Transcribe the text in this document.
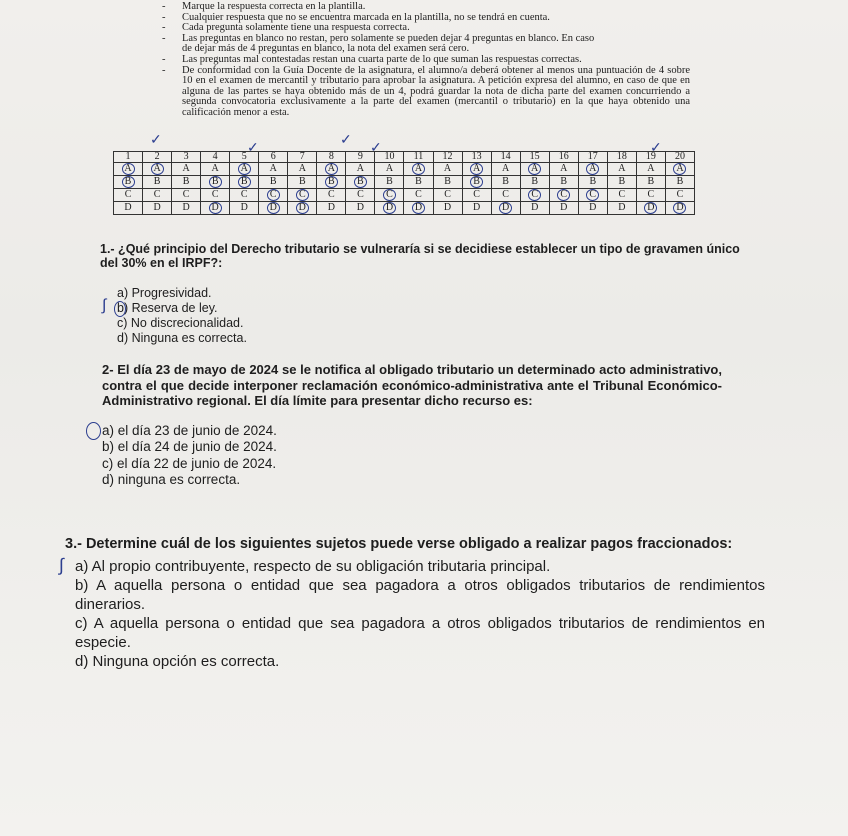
- Marque la respuesta correcta en la plantilla.
- Cualquier respuesta que no se encuentra marcada en la plantilla, no se tendrá en cuenta.
- Cada pregunta solamente tiene una respuesta correcta.
- Las preguntas en blanco no restan, pero solamente se pueden dejar 4 preguntas en blanco. En caso
de dejar más de 4 preguntas en blanco, la nota del examen será cero.
- Las preguntas mal contestadas restan una cuarta parte de lo que suman las respuestas correctas.
- De conformidad con la Guía Docente de la asignatura, el alumno/a deberá obtener al menos una puntuación de 4 sobre 10 en el examen de mercantil y tributario para aprobar la asignatura. A petición expresa del alumno, en caso de que en alguna de las partes se haya obtenido más de un 4, podrá guardar la nota de dicha parte del examen concurriendo a segunda convocatoria exclusivamente a la parte del examen (mercantil o tributario) en la que haya obtenido una calificación menor a esta.
✓	✓	✓ ✓	✓
1	2	3	4	5	6	7	8	9	10	11	12	13	14	15	16	17	18	19	20
A	A	A	A	A	A	A	A	A	A	A	A	A	A	A	A	A	A	A	A
B	B	B	B	B	B	B	B	B	B	B	B	B	B	B	B	B	B	B	B
C	C	C	C	C	C	C	C	C	C	C	C	C	C	C	C	C	C	C	C
D	D	D	D	D	D	D	D	D	D	D	D	D	D	D	D	D	D	D	D
1.- ¿Qué principio del Derecho tributario se vulneraría si se decidiese establecer un tipo de gravamen único del 30% en el IRPF?:
a) Progresividad.
∫ b) Reserva de ley.
c) No discrecionalidad.
d) Ninguna es correcta.
2- El día 23 de mayo de 2024 se le notifica al obligado tributario un determinado acto administrativo, contra el que decide interponer reclamación económico-administrativa ante el Tribunal Económico-Administrativo regional. El día límite para presentar dicho recurso es:
a) el día 23 de junio de 2024.
b) el día 24 de junio de 2024.
c) el día 22 de junio de 2024.
d) ninguna es correcta.
3.- Determine cuál de los siguientes sujetos puede verse obligado a realizar pagos fraccionados:
∫ a) Al propio contribuyente, respecto de su obligación tributaria principal.
b) A aquella persona o entidad que sea pagadora a otros obligados tributarios de rendimientos dinerarios.
c) A aquella persona o entidad que sea pagadora a otros obligados tributarios de rendimientos en especie.
d) Ninguna opción es correcta.
